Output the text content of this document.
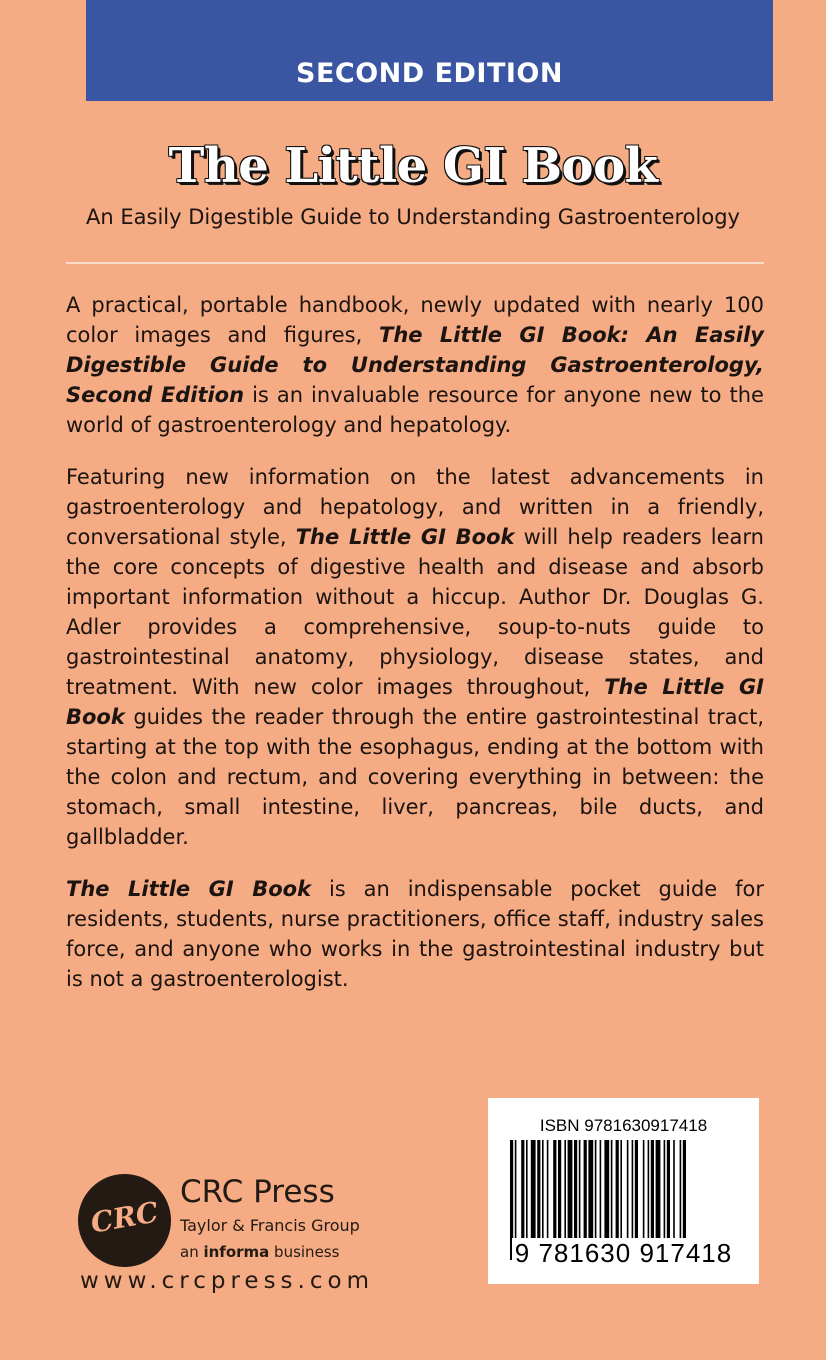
SECOND EDITION
The Little GI Book
An Easily Digestible Guide to Understanding Gastroenterology

A practical, portable handbook, newly updated with nearly 100 color images and figures, The Little GI Book: An Easily Digestible Guide to Understanding Gastroenterology, Second Edition is an invaluable resource for anyone new to the world of gastroenterology and hepatology.

Featuring new information on the latest advancements in gastroenterology and hepatology, and written in a friendly, conversational style, The Little GI Book will help readers learn the core concepts of digestive health and disease and absorb important information without a hiccup. Author Dr. Douglas G. Adler provides a comprehensive, soup-to-nuts guide to gastrointestinal anatomy, physiology, disease states, and treatment. With new color images throughout, The Little GI Book guides the reader through the entire gastrointestinal tract, starting at the top with the esophagus, ending at the bottom with the colon and rectum, and covering everything in between: the stomach, small intestine, liver, pancreas, bile ducts, and gallbladder.

The Little GI Book is an indispensable pocket guide for residents, students, nurse practitioners, office staff, industry sales force, and anyone who works in the gastrointestinal industry but is not a gastroenterologist.

ISBN 9781630917418
9 781630 917418
CRC
CRC Press
Taylor & Francis Group
an informa business
www.crcpress.com
